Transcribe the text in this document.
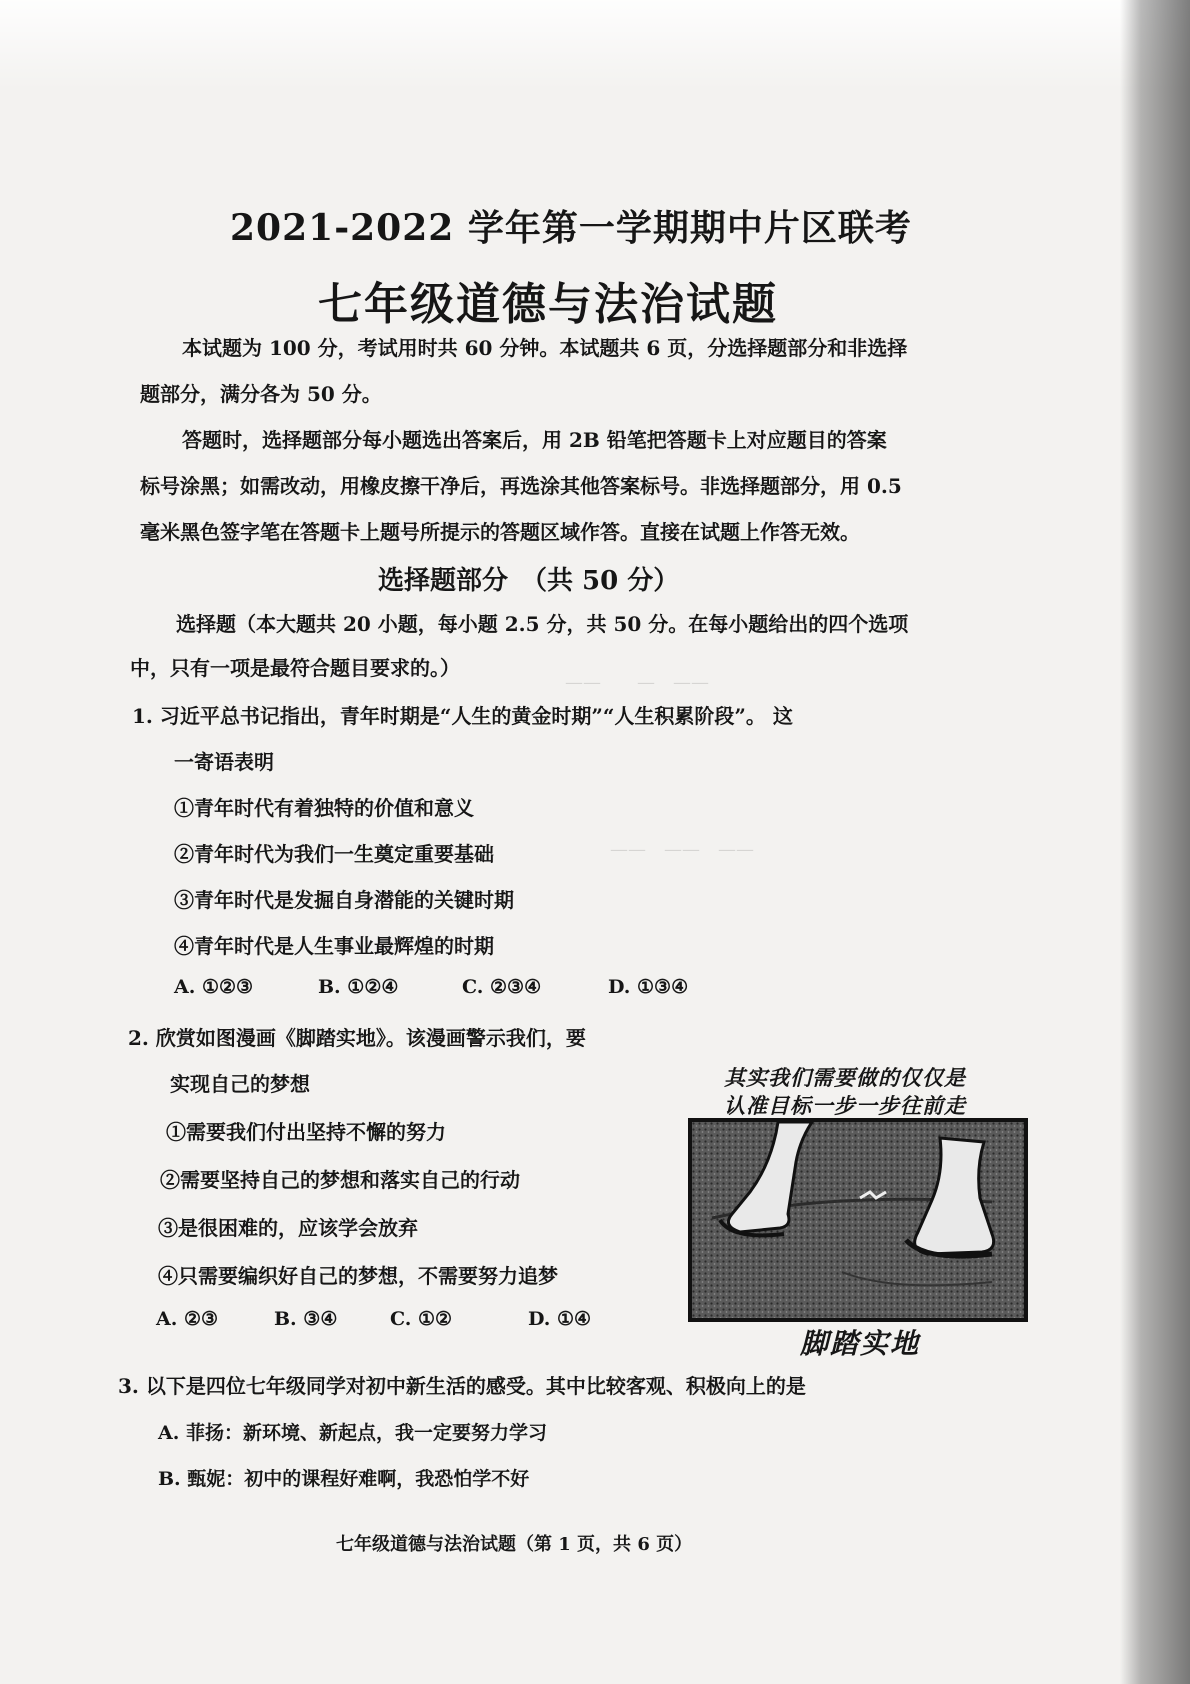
——　　—　——
——　——　——
2021-2022 学年第一学期期中片区联考
七年级道德与法治试题
本试题为 100 分，考试用时共 60 分钟。本试题共 6 页，分选择题部分和非选择
题部分，满分各为 50 分。
答题时，选择题部分每小题选出答案后，用 2B 铅笔把答题卡上对应题目的答案
标号涂黑；如需改动，用橡皮擦干净后，再选涂其他答案标号。非选择题部分，用 0.5
毫米黑色签字笔在答题卡上题号所提示的答题区域作答。直接在试题上作答无效。
选择题部分　（共 50 分）
选择题（本大题共 20 小题，每小题 2.5 分，共 50 分。在每小题给出的四个选项
中，只有一项是最符合题目要求的。）
1. 习近平总书记指出，青年时期是“人生的黄金时期”“人生积累阶段”。 这
一寄语表明
①青年时代有着独特的价值和意义
②青年时代为我们一生奠定重要基础
③青年时代是发掘自身潜能的关键时期
④青年时代是人生事业最辉煌的时期
A. ①②③	B. ①②④	C. ②③④	D. ①③④
2. 欣赏如图漫画《脚踏实地》。该漫画警示我们，要
实现自己的梦想
①需要我们付出坚持不懈的努力
②需要坚持自己的梦想和落实自己的行动
③是很困难的，应该学会放弃
④只需要编织好自己的梦想，不需要努力追梦
A. ②③	B. ③④	C. ①②	D. ①④
其实我们需要做的仅仅是
认准目标一步一步往前走
脚踏实地
3. 以下是四位七年级同学对初中新生活的感受。其中比较客观、积极向上的是
A. 菲扬：新环境、新起点，我一定要努力学习
B. 甄妮：初中的课程好难啊，我恐怕学不好
七年级道德与法治试题（第 1 页，共 6 页）
